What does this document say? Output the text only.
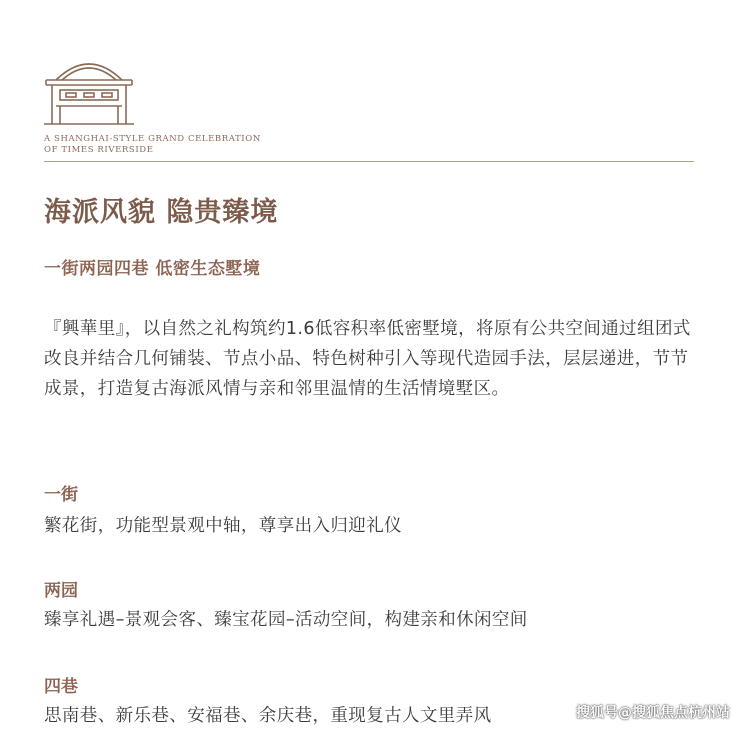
A SHANGHAI-STYLE GRAND CELEBRATION
OF TIMES RIVERSIDE
海派风貌 隐贵臻境
一街两园四巷 低密生态墅境
『興華里』，以自然之礼构筑约1.6低容积率低密墅境，将原有公共空间通过组团式改良并结合几何铺装、节点小品、特色树种引入等现代造园手法，层层递进，节节成景，打造复古海派风情与亲和邻里温情的生活情境墅区。
一街
繁花街，功能型景观中轴，尊享出入归迎礼仪
两园
臻享礼遇–景观会客、臻宝花园–活动空间，构建亲和休闲空间
四巷
思南巷、新乐巷、安福巷、余庆巷，重现复古人文里弄风	搜狐号@搜狐焦点杭州站
